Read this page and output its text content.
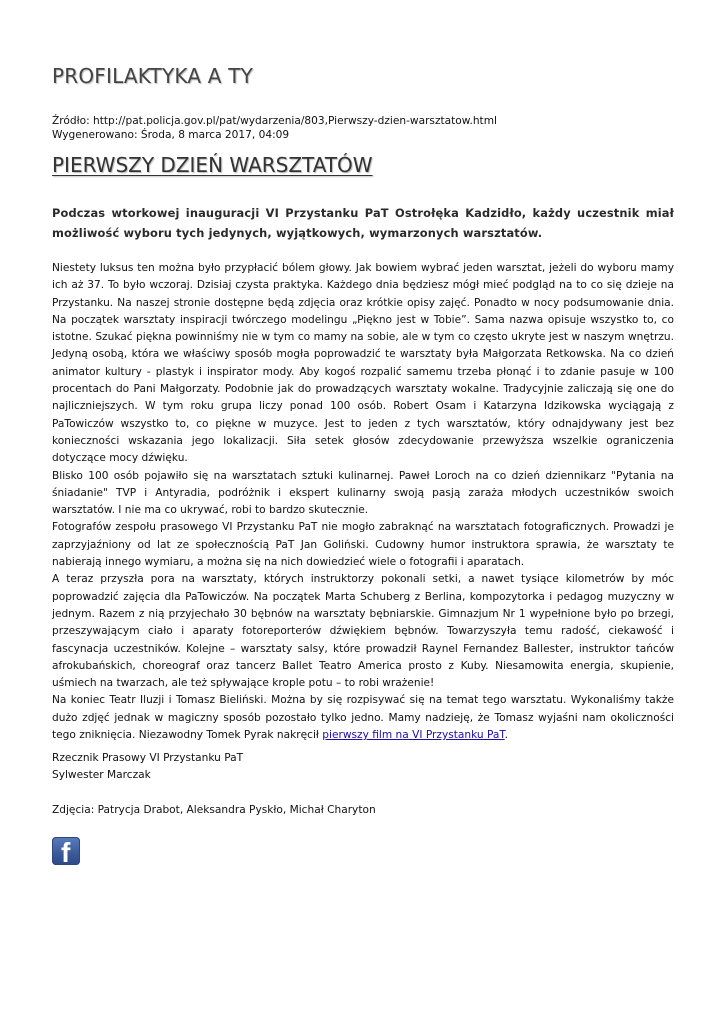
PROFILAKTYKA A TY
Źródło: http://pat.policja.gov.pl/pat/wydarzenia/803,Pierwszy-dzien-warsztatow.html
Wygenerowano: Środa, 8 marca 2017, 04:09
PIERWSZY DZIEŃ WARSZTATÓW
Podczas wtorkowej inauguracji VI Przystanku PaT Ostrołęka Kadzidło, każdy uczestnik miał możliwość wyboru tych jedynych, wyjątkowych, wymarzonych warsztatów.

Niestety luksus ten można było przypłacić bólem głowy. Jak bowiem wybrać jeden warsztat, jeżeli do wyboru mamy ich aż 37. To było wczoraj. Dzisiaj czysta praktyka. Każdego dnia będziesz mógł mieć podgląd na to co się dzieje na Przystanku. Na naszej stronie dostępne będą zdjęcia oraz krótkie opisy zajęć. Ponadto w nocy podsumowanie dnia. Na początek warsztaty inspiracji twórczego modelingu „Piękno jest w Tobie”. Sama nazwa opisuje wszystko to, co istotne. Szukać piękna powinniśmy nie w tym co mamy na sobie, ale w tym co często ukryte jest w naszym wnętrzu. Jedyną osobą, która we właściwy sposób mogła poprowadzić te warsztaty była Małgorzata Retkowska. Na co dzień animator kultury - plastyk i inspirator mody. Aby kogoś rozpalić samemu trzeba płonąć i to zdanie pasuje w 100 procentach do Pani Małgorzaty. Podobnie jak do prowadzących warsztaty wokalne. Tradycyjnie zaliczają się one do najliczniejszych. W tym roku grupa liczy ponad 100 osób. Robert Osam i Katarzyna Idzikowska wyciągają z PaTowiczów wszystko to, co piękne w muzyce. Jest to jeden z tych warsztatów, który odnajdywany jest bez konieczności wskazania jego lokalizacji. Siła setek głosów zdecydowanie przewyższa wszelkie ograniczenia dotyczące mocy dźwięku.

Blisko 100 osób pojawiło się na warsztatach sztuki kulinarnej. Paweł Loroch na co dzień dziennikarz "Pytania na śniadanie" TVP i Antyradia, podróżnik i ekspert kulinarny swoją pasją zaraża młodych uczestników swoich warsztatów. I nie ma co ukrywać, robi to bardzo skutecznie.

Fotografów zespołu prasowego VI Przystanku PaT nie mogło zabraknąć na warsztatach fotograficznych. Prowadzi je zaprzyjaźniony od lat ze społecznością PaT Jan Goliński. Cudowny humor instruktora sprawia, że warsztaty te nabierają innego wymiaru, a można się na nich dowiedzieć wiele o fotografii i aparatach.

A teraz przyszła pora na warsztaty, których instruktorzy pokonali setki, a nawet tysiące kilometrów by móc poprowadzić zajęcia dla PaTowiczów. Na początek Marta Schuberg z Berlina, kompozytorka i pedagog muzyczny w jednym. Razem z nią przyjechało 30 bębnów na warsztaty bębniarskie. Gimnazjum Nr 1 wypełnione było po brzegi, przeszywającym ciało i aparaty fotoreporterów dźwiękiem bębnów. Towarzyszyła temu radość, ciekawość i fascynacja uczestników. Kolejne – warsztaty salsy, które prowadził Raynel Fernandez Ballester, instruktor tańców afrokubańskich, choreograf oraz tancerz Ballet Teatro America prosto z Kuby. Niesamowita energia, skupienie, uśmiech na twarzach, ale też spływające krople potu – to robi wrażenie!

Na koniec Teatr Iluzji i Tomasz Bieliński. Można by się rozpisywać się na temat tego warsztatu. Wykonaliśmy także dużo zdjęć jednak w magiczny sposób pozostało tylko jedno. Mamy nadzieję, że Tomasz wyjaśni nam okoliczności tego zniknięcia. Niezawodny Tomek Pyrak nakręcił pierwszy film na VI Przystanku PaT.

Rzecznik Prasowy VI Przystanku PaT
Sylwester Marczak
Zdjęcia: Patrycja Drabot, Aleksandra Pyskło, Michał Charyton
f
